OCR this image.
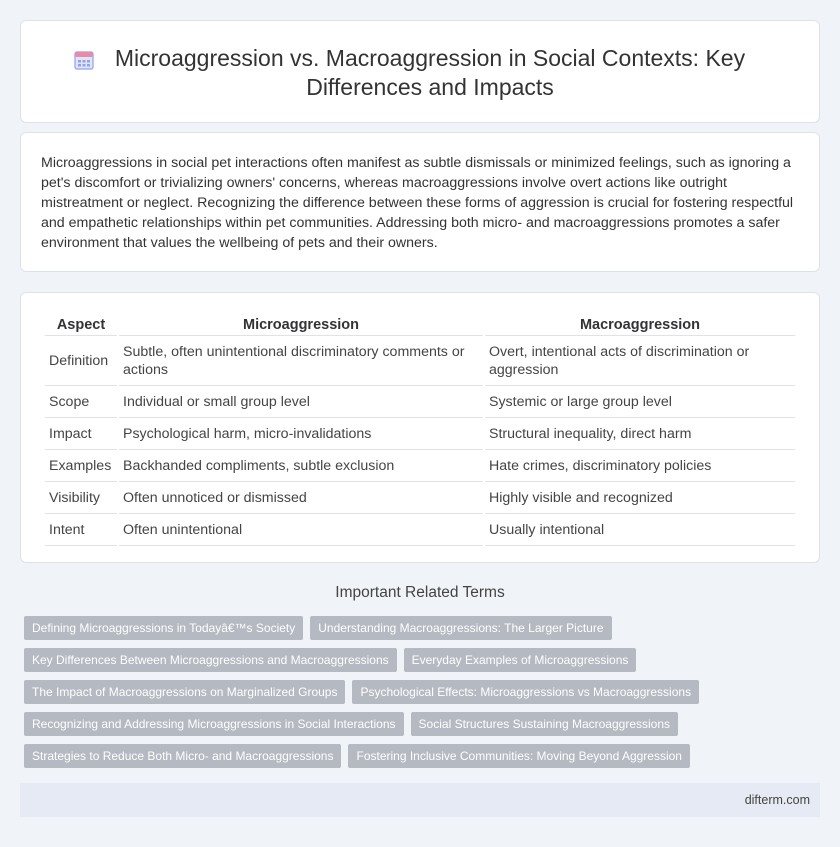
Microaggression vs. Macroaggression in Social Contexts: Key Differences and Impacts

Microaggressions in social pet interactions often manifest as subtle dismissals or minimized feelings, such as ignoring a pet's discomfort or trivializing owners' concerns, whereas macroaggressions involve overt actions like outright mistreatment or neglect. Recognizing the difference between these forms of aggression is crucial for fostering respectful and empathetic relationships within pet communities. Addressing both micro- and macroaggressions promotes a safer environment that values the wellbeing of pets and their owners.

Aspect	Microaggression	Macroaggression
Definition	Subtle, often unintentional discriminatory comments or actions	Overt, intentional acts of discrimination or aggression
Scope	Individual or small group level	Systemic or large group level
Impact	Psychological harm, micro-invalidations	Structural inequality, direct harm
Examples	Backhanded compliments, subtle exclusion	Hate crimes, discriminatory policies
Visibility	Often unnoticed or dismissed	Highly visible and recognized
Intent	Often unintentional	Usually intentional
Important Related Terms
Defining Microaggressions in Todayâ€™s Society	Understanding Macroaggressions: The Larger Picture
Key Differences Between Microaggressions and Macroaggressions	Everyday Examples of Microaggressions
The Impact of Macroaggressions on Marginalized Groups	Psychological Effects: Microaggressions vs Macroaggressions
Recognizing and Addressing Microaggressions in Social Interactions	Social Structures Sustaining Macroaggressions
Strategies to Reduce Both Micro- and Macroaggressions	Fostering Inclusive Communities: Moving Beyond Aggression
difterm.com
